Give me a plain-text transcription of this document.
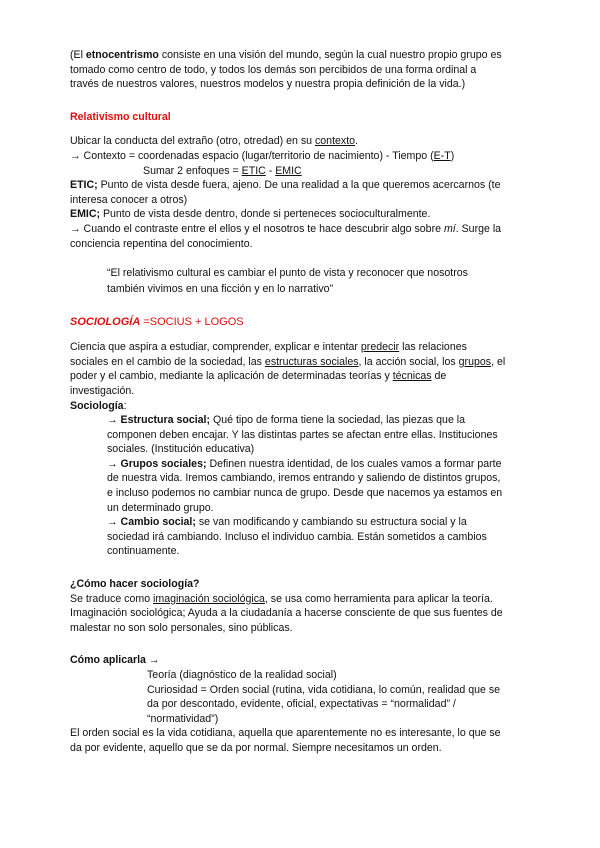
(El etnocentrismo consiste en una visión del mundo, según la cual nuestro propio grupo es

tomado como centro de todo, y todos los demás son percibidos de una forma ordinal a

través de nuestros valores, nuestros modelos y nuestra propia definición de la vida.)

Relativismo cultural

Ubicar la conducta del extraño (otro, otredad) en su contexto.

→ Contexto = coordenadas espacio (lugar/territorio de nacimiento) - Tiempo (E-T)

Sumar 2 enfoques = ETIC - EMIC

ETIC; Punto de vista desde fuera, ajeno. De una realidad a la que queremos acercarnos (te

interesa conocer a otros)

EMIC; Punto de vista desde dentro, donde si perteneces socioculturalmente.

→ Cuando el contraste entre el ellos y el nosotros te hace descubrir algo sobre mí. Surge la

conciencia repentina del conocimiento.

“El relativismo cultural es cambiar el punto de vista y reconocer que nosotros

también vivimos en una ficción y en lo narrativo”

SOCIOLOGÍA =SOCIUS + LOGOS

Ciencia que aspira a estudiar, comprender, explicar e intentar predecir las relaciones

sociales en el cambio de la sociedad, las estructuras sociales, la acción social, los grupos, el

poder y el cambio, mediante la aplicación de determinadas teorías y técnicas de

investigación.

Sociología:

→ Estructura social; Qué tipo de forma tiene la sociedad, las piezas que la

componen deben encajar. Y las distintas partes se afectan entre ellas. Instituciones

sociales. (Institución educativa)

→ Grupos sociales; Definen nuestra identidad, de los cuales vamos a formar parte

de nuestra vida. Iremos cambiando, iremos entrando y saliendo de distintos grupos,

e incluso podemos no cambiar nunca de grupo. Desde que nacemos ya estamos en

un determinado grupo.

→ Cambio social; se van modificando y cambiando su estructura social y la

sociedad irá cambiando. Incluso el individuo cambia. Están sometidos a cambios

continuamente.

¿Cómo hacer sociología?

Se traduce como imaginación sociológica, se usa como herramienta para aplicar la teoría.

Imaginación sociológica; Ayuda a la ciudadanía a hacerse consciente de que sus fuentes de

malestar no son solo personales, sino públicas.

Cómo aplicarla →

Teoría (diagnóstico de la realidad social)

Curiosidad = Orden social (rutina, vida cotidiana, lo común, realidad que se

da por descontado, evidente, oficial, expectativas = “normalidad” /

“normatividad”)

El orden social es la vida cotidiana, aquella que aparentemente no es interesante, lo que se

da por evidente, aquello que se da por normal. Siempre necesitamos un orden.
